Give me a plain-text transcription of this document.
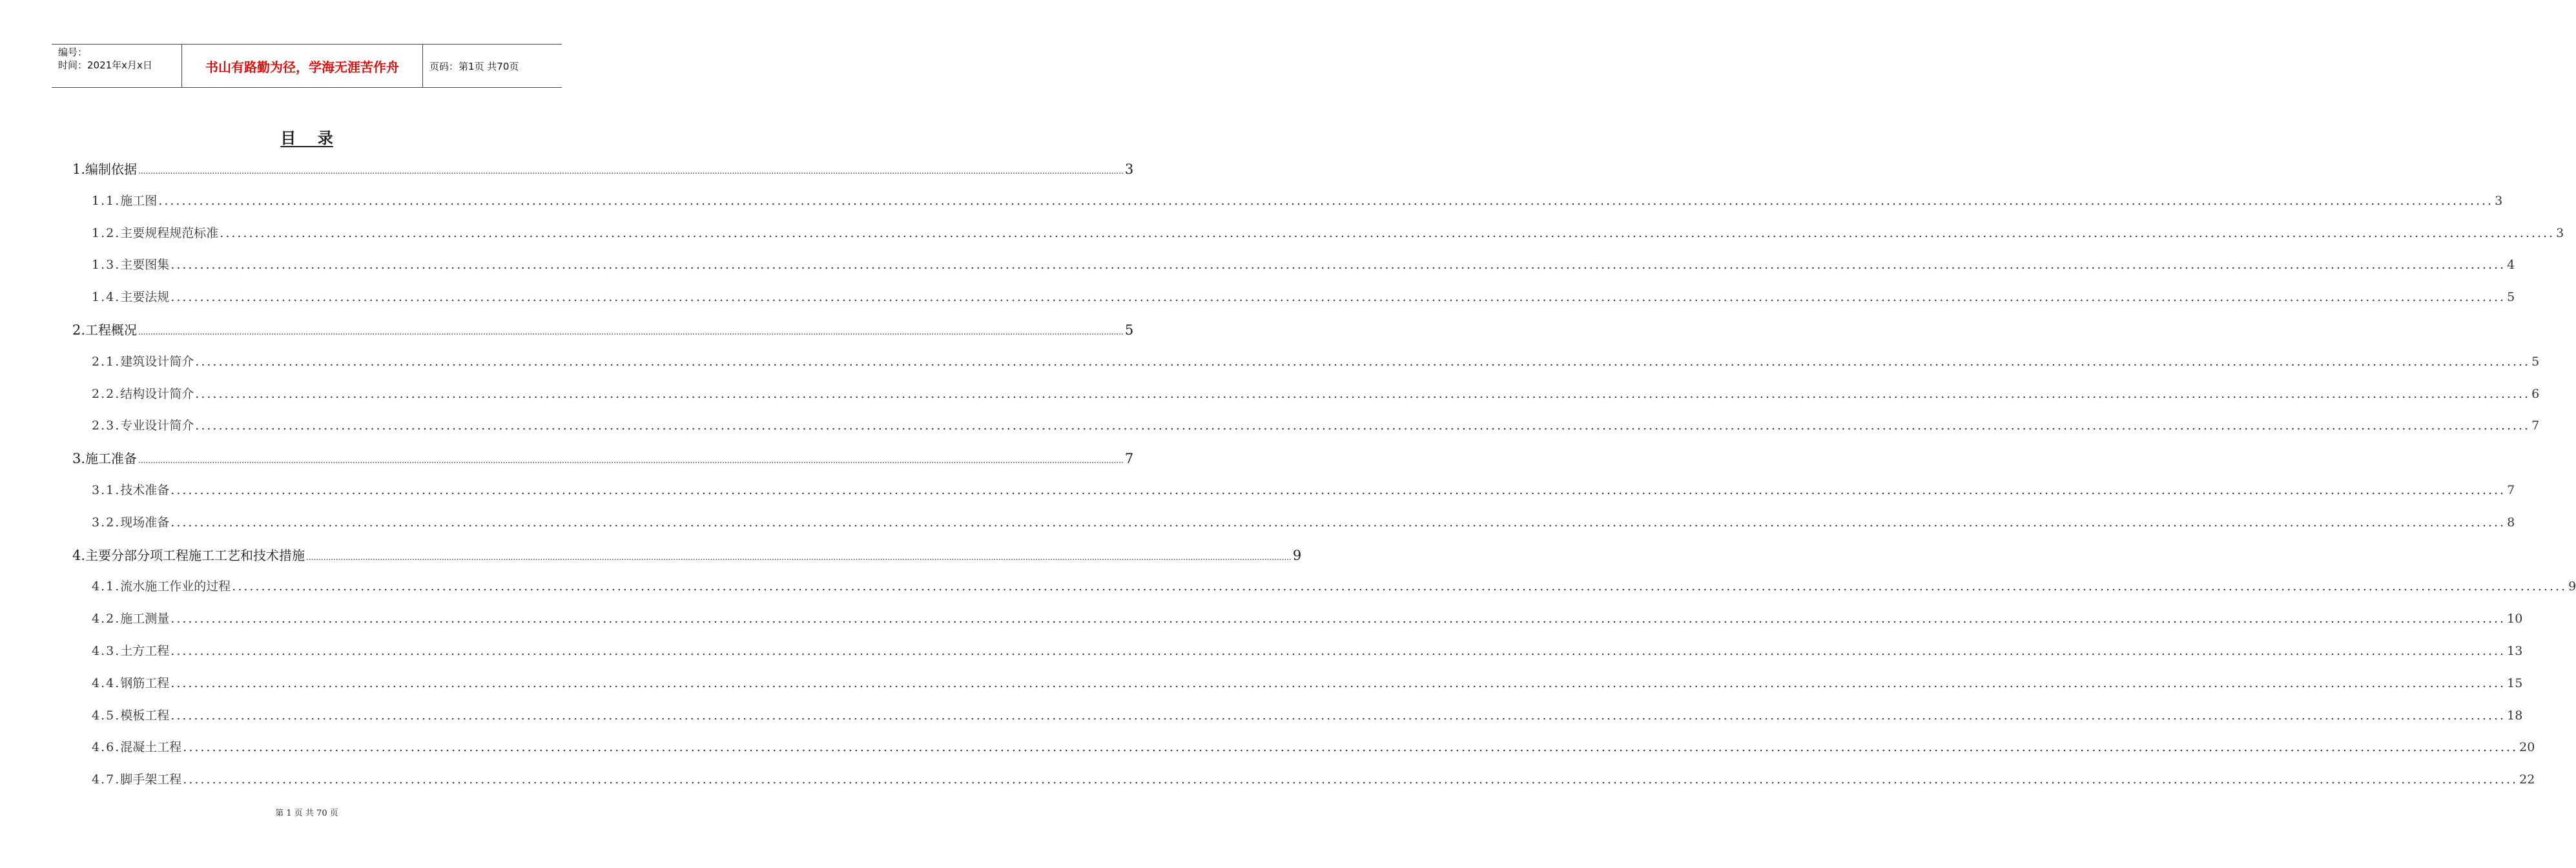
编号：
时间：2021年x月x日	书山有路勤为径，学海无涯苦作舟	页码：第1页 共70页
目    录
1. 编制依据 ................................................................................................................................................................................................................................................................................................................................................................................................................ 3
1.1. 施工图 ................................................................................................................................................................................................................................................................................................................................................................................................................ 3
1.2. 主要规程规范标准 ................................................................................................................................................................................................................................................................................................................................................................................................................ 3
1.3. 主要图集 ................................................................................................................................................................................................................................................................................................................................................................................................................ 4
1.4. 主要法规 ................................................................................................................................................................................................................................................................................................................................................................................................................ 5
2. 工程概况 ................................................................................................................................................................................................................................................................................................................................................................................................................ 5
2.1. 建筑设计简介 ................................................................................................................................................................................................................................................................................................................................................................................................................ 5
2.2. 结构设计简介 ................................................................................................................................................................................................................................................................................................................................................................................................................ 6
2.3. 专业设计简介 ................................................................................................................................................................................................................................................................................................................................................................................................................ 7
3. 施工准备 ................................................................................................................................................................................................................................................................................................................................................................................................................ 7
3.1. 技术准备 ................................................................................................................................................................................................................................................................................................................................................................................................................ 7
3.2. 现场准备 ................................................................................................................................................................................................................................................................................................................................................................................................................ 8
4. 主要分部分项工程施工工艺和技术措施 ................................................................................................................................................................................................................................................................................................................................................................................................................ 9
4.1. 流水施工作业的过程 ................................................................................................................................................................................................................................................................................................................................................................................................................ 9
4.2. 施工测量 ................................................................................................................................................................................................................................................................................................................................................................................................................ 10
4.3. 土方工程 ................................................................................................................................................................................................................................................................................................................................................................................................................ 13
4.4. 钢筋工程 ................................................................................................................................................................................................................................................................................................................................................................................................................ 15
4.5. 模板工程 ................................................................................................................................................................................................................................................................................................................................................................................................................ 18
4.6. 混凝土工程 ................................................................................................................................................................................................................................................................................................................................................................................................................ 20
4.7. 脚手架工程 ................................................................................................................................................................................................................................................................................................................................................................................................................ 22
第 1 页 共 70 页
